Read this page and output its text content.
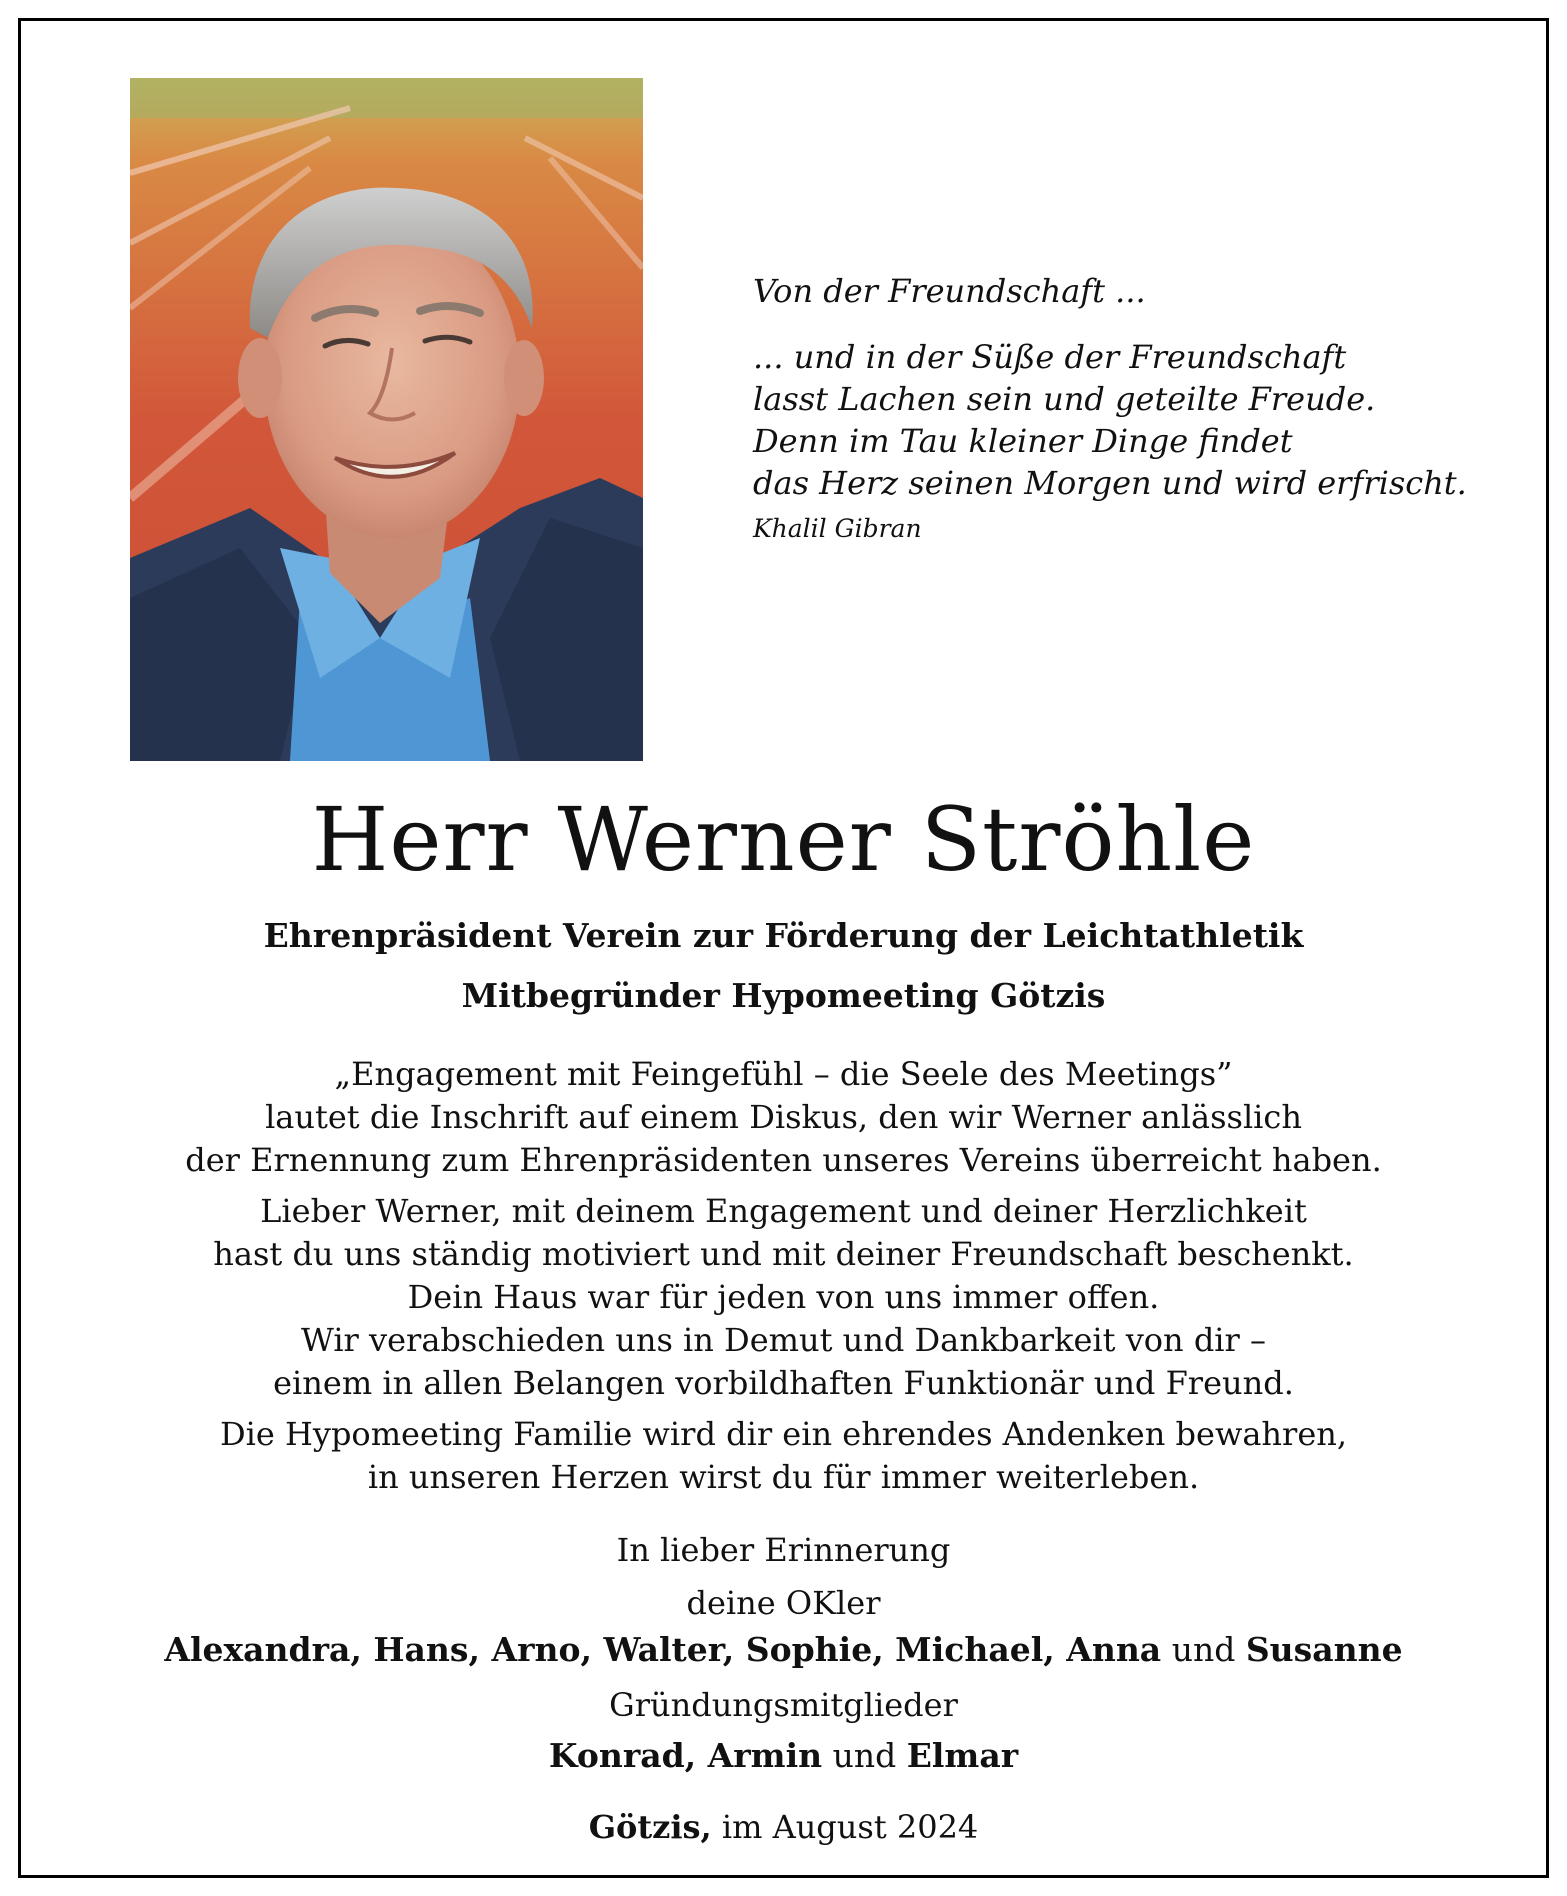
Von der Freundschaft ...
... und in der Süße der Freundschaft
lasst Lachen sein und geteilte Freude.
Denn im Tau kleiner Dinge findet
das Herz seinen Morgen und wird erfrischt.
Khalil Gibran
Herr Werner Ströhle
Ehrenpräsident Verein zur Förderung der Leichtathletik
Mitbegründer Hypomeeting Götzis
„Engagement mit Feingefühl – die Seele des Meetings”
lautet die Inschrift auf einem Diskus, den wir Werner anlässlich
der Ernennung zum Ehrenpräsidenten unseres Vereins überreicht haben.
Lieber Werner, mit deinem Engagement und deiner Herzlichkeit
hast du uns ständig motiviert und mit deiner Freundschaft beschenkt.
Dein Haus war für jeden von uns immer offen.
Wir verabschieden uns in Demut und Dankbarkeit von dir –
einem in allen Belangen vorbildhaften Funktionär und Freund.
Die Hypomeeting Familie wird dir ein ehrendes Andenken bewahren,
in unseren Herzen wirst du für immer weiterleben.
In lieber Erinnerung
deine OKler
Alexandra, Hans, Arno, Walter, Sophie, Michael, Anna und Susanne
Gründungsmitglieder
Konrad, Armin und Elmar
Götzis, im August 2024
